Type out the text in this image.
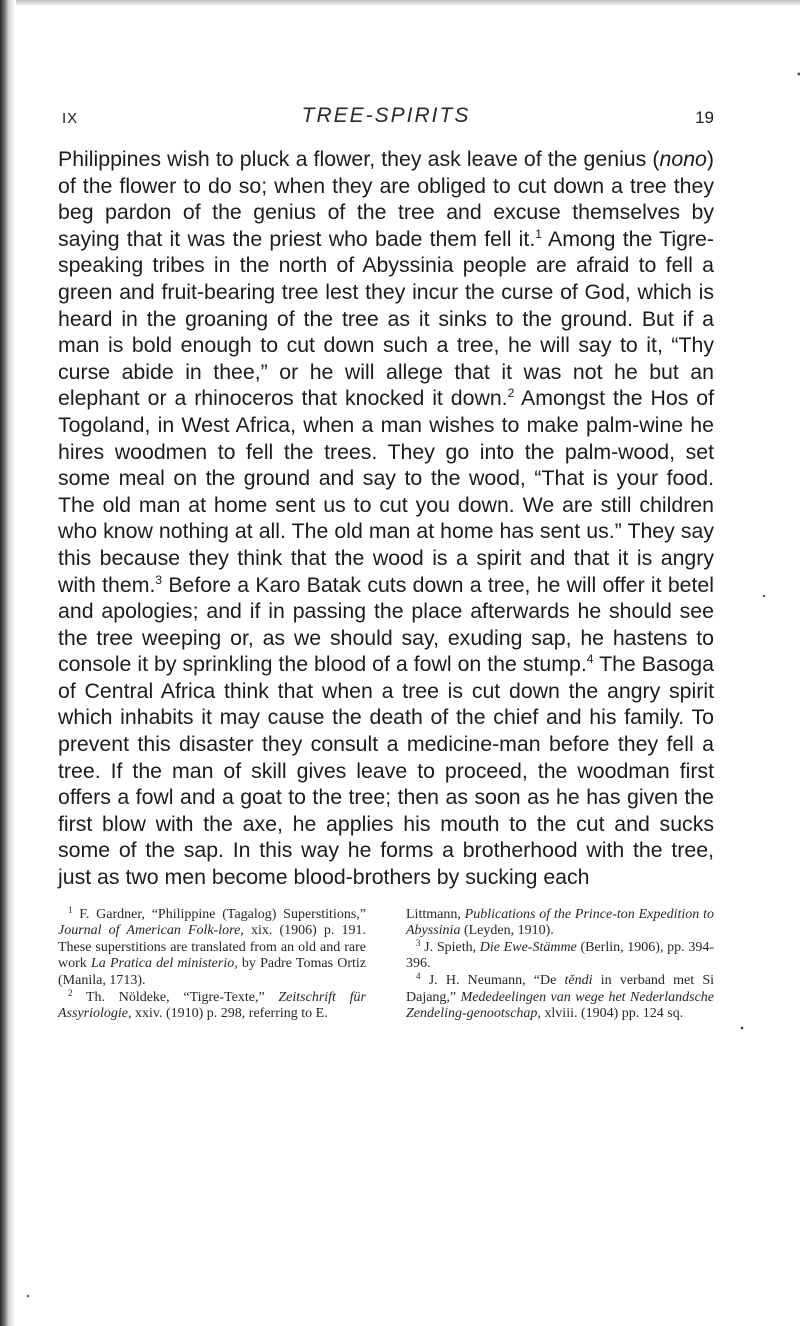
IX	TREE-SPIRITS	19

Philippines wish to pluck a flower, they ask leave of the genius (nono) of the flower to do so; when they are obliged to cut down a tree they beg pardon of the genius of the tree and excuse themselves by saying that it was the priest who bade them fell it.$^1$ Among the Tigre-speaking tribes in the north of Abyssinia people are afraid to fell a green and fruit-bearing tree lest they incur the curse of God, which is heard in the groaning of the tree as it sinks to the ground. But if a man is bold enough to cut down such a tree, he will say to it, “Thy curse abide in thee,” or he will allege that it was not he but an elephant or a rhinoceros that knocked it down.$^2$ Amongst the Hos of Togoland, in West Africa, when a man wishes to make palm-wine he hires woodmen to fell the trees. They go into the palm-wood, set some meal on the ground and say to the wood, “That is your food. The old man at home sent us to cut you down. We are still children who know nothing at all. The old man at home has sent us.” They say this because they think that the wood is a spirit and that it is angry with them.$^3$ Before a Karo Batak cuts down a tree, he will offer it betel and apologies; and if in passing the place afterwards he should see the tree weeping or, as we should say, exuding sap, he hastens to console it by sprinkling the blood of a fowl on the stump.$^4$ The Basoga of Central Africa think that when a tree is cut down the angry spirit which inhabits it may cause the death of the chief and his family. To prevent this disaster they consult a medicine-man before they fell a tree. If the man of skill gives leave to proceed, the woodman first offers a fowl and a goat to the tree; then as soon as he has given the first blow with the axe, he applies his mouth to the cut and sucks some of the sap. In this way he forms a brotherhood with the tree, just as two men become blood-brothers by sucking each

$^1$ F. Gardner, “Philippine (Tagalog) Superstitions,” Journal of American Folk-lore, xix. (1906) p. 191. These superstitions are translated from an old and rare work La Pratica del ministerio, by Padre Tomas Ortiz (Manila, 1713).

$^2$ Th. Nöldeke, “Tigre-Texte,” Zeitschrift für Assyriologie, xxiv. (1910) p. 298, referring to E.

Littmann, Publications of the Prince-ton Expedition to Abyssinia (Leyden, 1910).

$^3$ J. Spieth, Die Ewe-Stämme (Berlin, 1906), pp. 394-396.

$^4$ J. H. Neumann, “De tĕndi in verband met Si Dajang,” Mededeelingen van wege het Nederlandsche Zendeling-genootschap, xlviii. (1904) pp. 124 sq.
